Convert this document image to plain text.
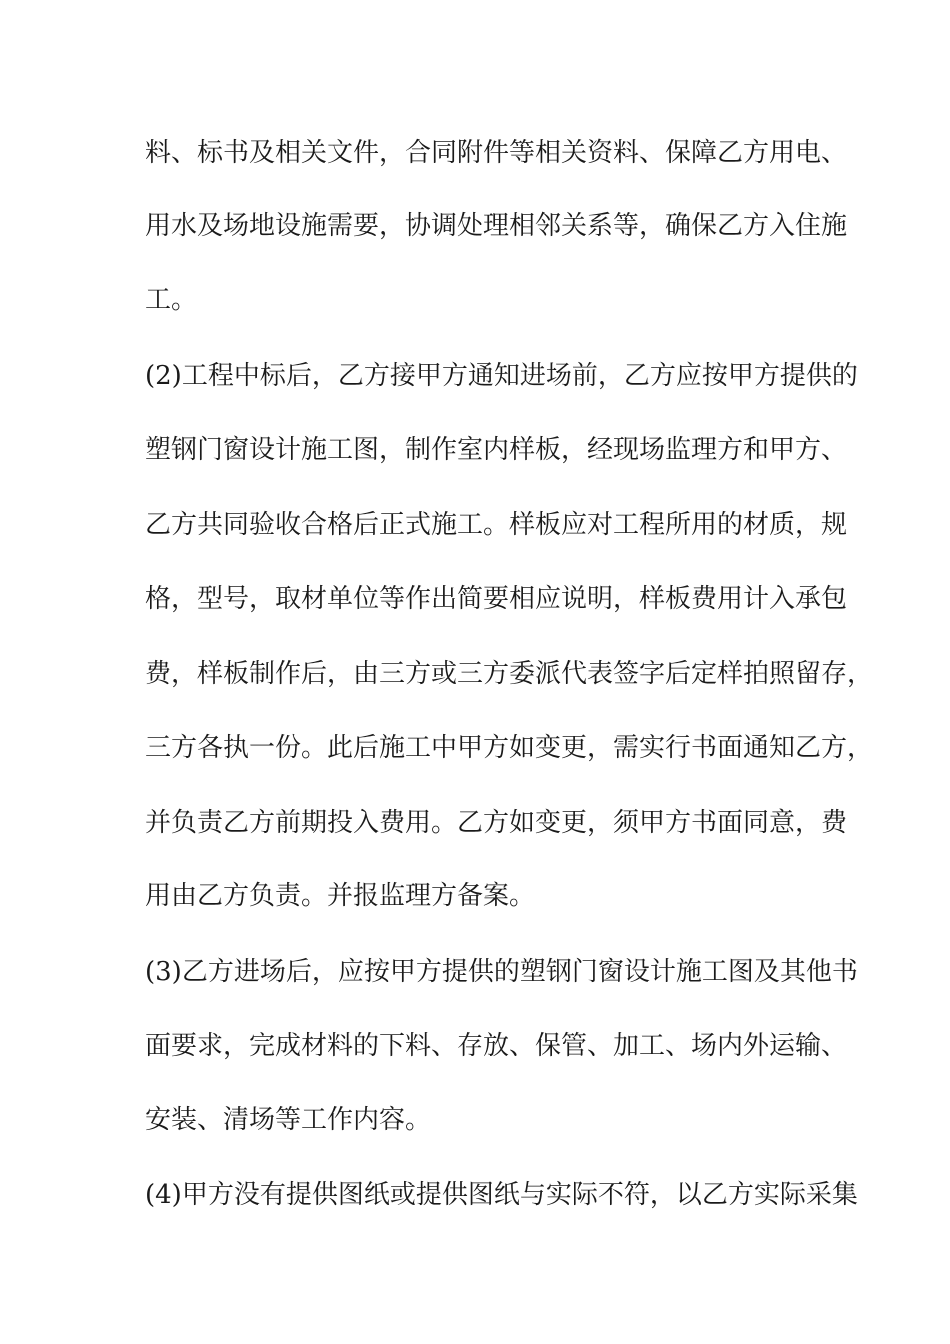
料、标书及相关文件，合同附件等相关资料、保障乙方用电、
用水及场地设施需要，协调处理相邻关系等，确保乙方入住施
工。
(2)工程中标后，乙方接甲方通知进场前，乙方应按甲方提供的
塑钢门窗设计施工图，制作室内样板，经现场监理方和甲方、
乙方共同验收合格后正式施工。样板应对工程所用的材质，规
格，型号，取材单位等作出简要相应说明，样板费用计入承包
费，样板制作后，由三方或三方委派代表签字后定样拍照留存，
三方各执一份。此后施工中甲方如变更，需实行书面通知乙方，
并负责乙方前期投入费用。乙方如变更，须甲方书面同意，费
用由乙方负责。并报监理方备案。
(3)乙方进场后，应按甲方提供的塑钢门窗设计施工图及其他书
面要求，完成材料的下料、存放、保管、加工、场内外运输、
安装、清场等工作内容。
(4)甲方没有提供图纸或提供图纸与实际不符，以乙方实际采集
